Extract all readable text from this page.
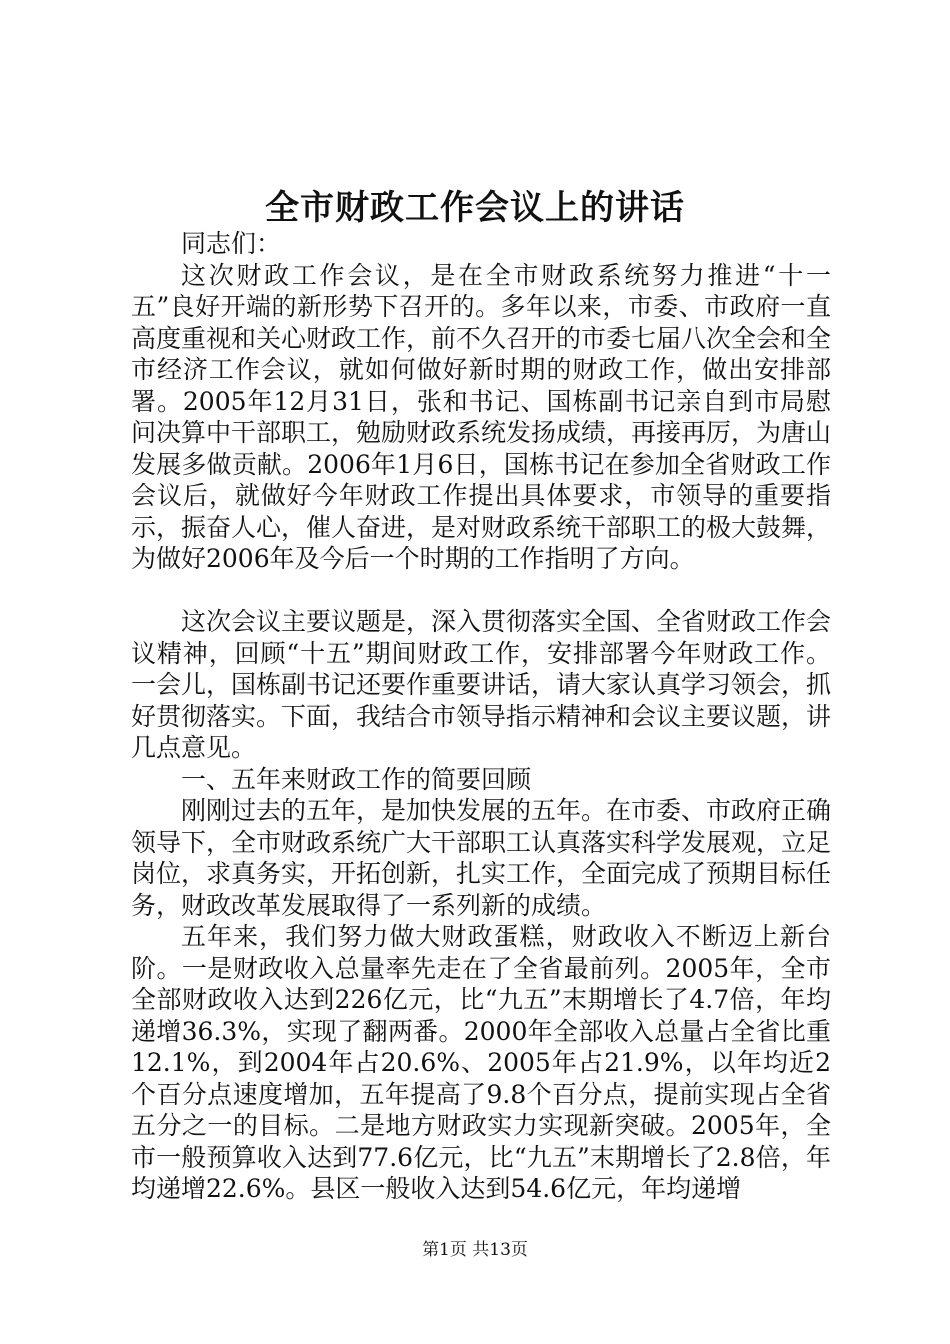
全市财政工作会议上的讲话

同志们：

这次财政工作会议，是在全市财政系统努力推进“十一五”良好开端的新形势下召开的。多年以来，市委、市政府一直高度重视和关心财政工作，前不久召开的市委七届八次全会和全市经济工作会议，就如何做好新时期的财政工作，做出安排部署。2005年12月31日，张和书记、国栋副书记亲自到市局慰问决算中干部职工，勉励财政系统发扬成绩，再接再厉，为唐山发展多做贡献。2006年1月6日，国栋书记在参加全省财政工作会议后，就做好今年财政工作提出具体要求，市领导的重要指示，振奋人心，催人奋进，是对财政系统干部职工的极大鼓舞，为做好2006年及今后一个时期的工作指明了方向。

这次会议主要议题是，深入贯彻落实全国、全省财政工作会议精神，回顾“十五”期间财政工作，安排部署今年财政工作。一会儿，国栋副书记还要作重要讲话，请大家认真学习领会，抓好贯彻落实。下面，我结合市领导指示精神和会议主要议题，讲几点意见。

一、五年来财政工作的简要回顾

刚刚过去的五年，是加快发展的五年。在市委、市政府正确领导下，全市财政系统广大干部职工认真落实科学发展观，立足岗位，求真务实，开拓创新，扎实工作，全面完成了预期目标任务，财政改革发展取得了一系列新的成绩。

五年来，我们努力做大财政蛋糕，财政收入不断迈上新台阶。一是财政收入总量率先走在了全省最前列。2005年，全市全部财政收入达到226亿元，比“九五”末期增长了4.7倍，年均递增36.3%，实现了翻两番。2000年全部收入总量占全省比重12.1%，到2004年占20.6%、2005年占21.9%，以年均近2个百分点速度增加，五年提高了9.8个百分点，提前实现占全省五分之一的目标。二是地方财政实力实现新突破。2005年，全市一般预算收入达到77.6亿元，比“九五”末期增长了2.8倍，年均递增22.6%。县区一般收入达到54.6亿元，年均递增

第1页 共13页
